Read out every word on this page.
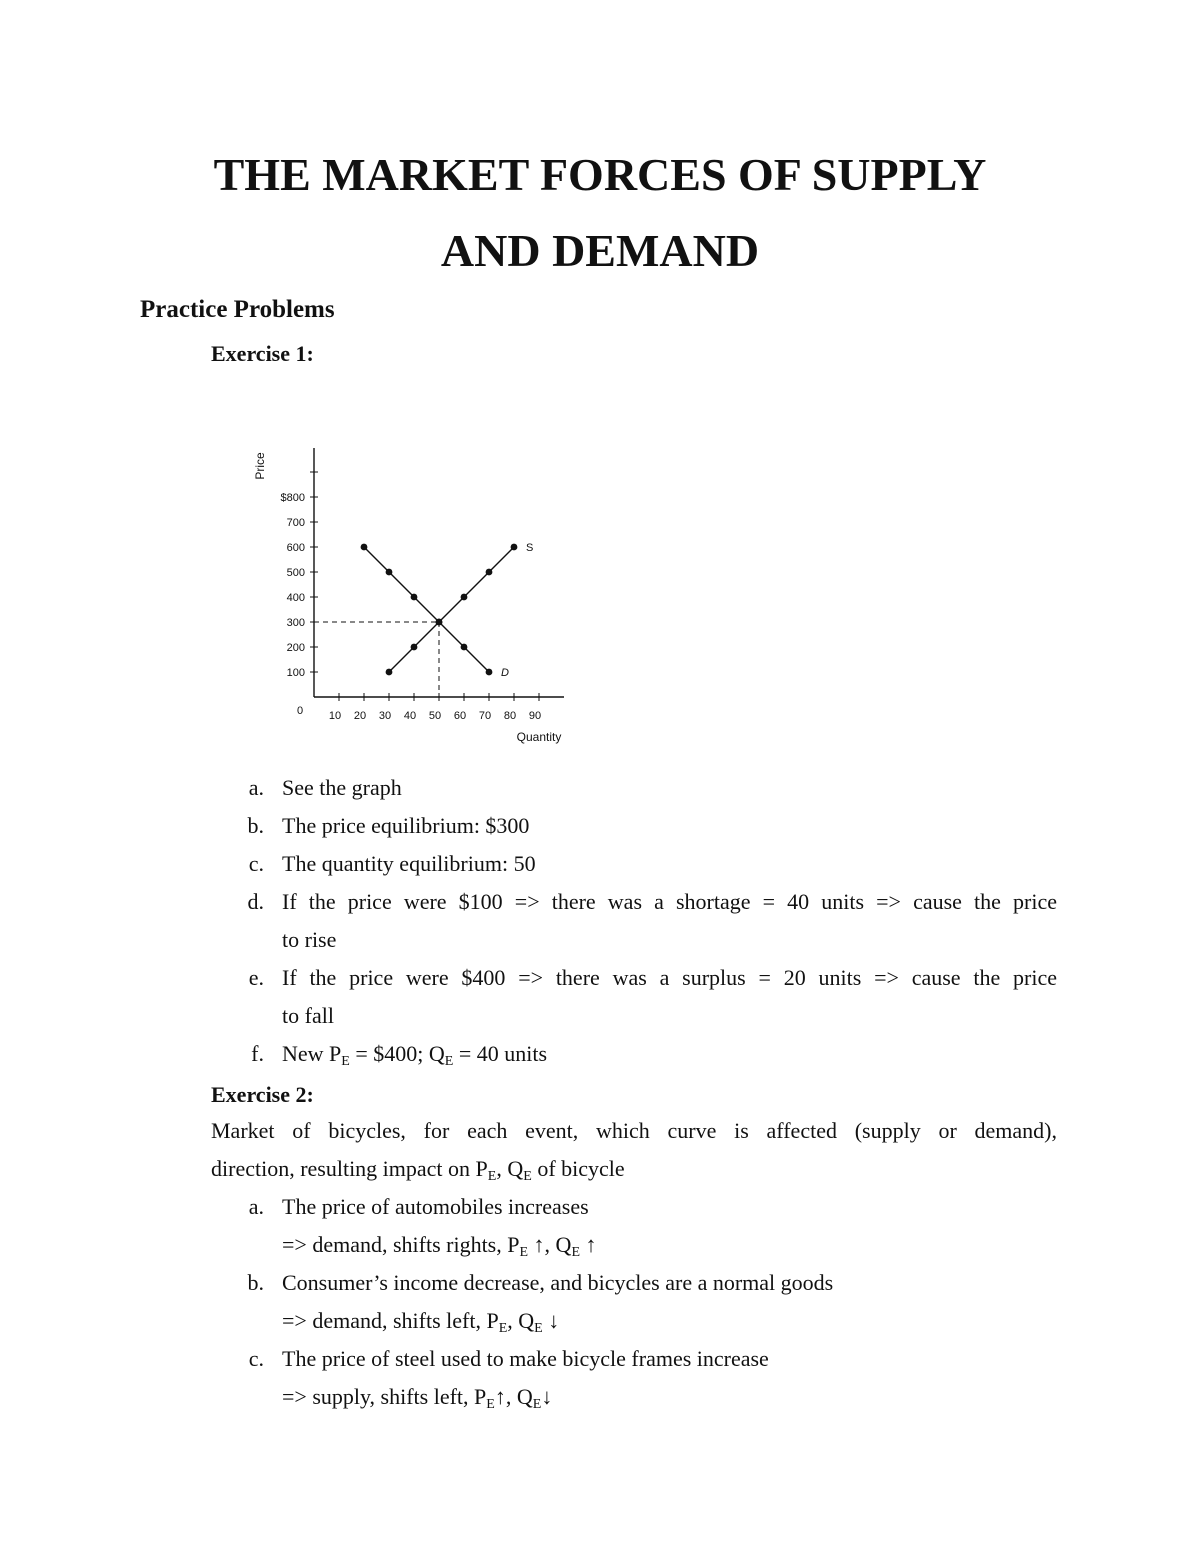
THE MARKET FORCES OF SUPPLY
AND DEMAND
Practice Problems
Exercise 1:
$800
700
600
500
400
300
200
100
10 20 30 40 50 60 70 80 90
0
Quantity
Price
S
D
a. See the graph

b. The price equilibrium: $300

c. The quantity equilibrium: 50

d. If the price were $100 => there was a shortage = 40 units => cause the price

to rise

e. If the price were $400 => there was a surplus = 20 units => cause the price

to fall

f. New $P_E$ = $400; $Q_E = 40$ units

Exercise 2:

Market of bicycles, for each event, which curve is affected (supply or demand),

direction, resulting impact on $P_E$, $Q_E$ of bicycle

a. The price of automobiles increases

=> demand, shifts rights, $P_E$ ↑, $Q_E$ ↑

b. Consumer’s income decrease, and bicycles are a normal goods

=> demand, shifts left, $P_E$, $Q_E$ ↓

c. The price of steel used to make bicycle frames increase

=> supply, shifts left, $P_E↑$, $Q_E↓$
